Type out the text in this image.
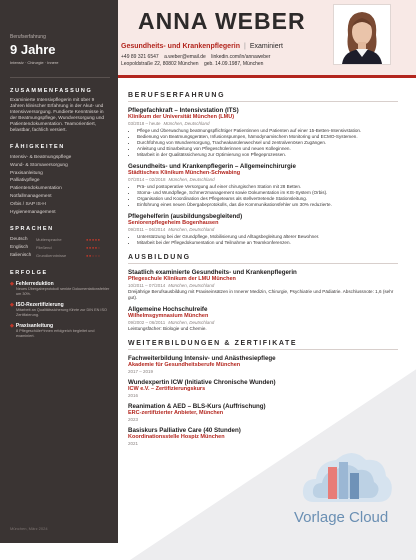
Berufserfahrung
9 Jahre
Intensiv · Chirurgie · Innere
ZUSAMMENFASSUNG
Examinierte Intensivpflegerin mit über 9 Jahren klinischer Erfahrung in der Akut- und Intensivversorgung. Fundierte Kenntnisse in der Beatmungspflege, Wundversorgung und Patientendokumentation. Teamorientiert, belastbar, fachlich versiert.
FÄHIGKEITEN
Intensiv- & Beatmungspflege
Wund- & Stomaversorgung
Praxisanleitung
Palliativpflege
Patientendokumentation
Notfallmanagement
Orbis / SAP IS-H
Hygienemanagement
SPRACHEN
Deutsch	Muttersprache	●●●●●
Englisch	Fließend	●●●●○
Italienisch	Grundkenntnisse	●●○○○
ERFOLGE
◆ Fehlerreduktion
Neues Übergabeprotokoll senkte Dokumentationsfehler um 30%.
◆ ISO-Rezertifizierung
Mitarbeit an Qualitätssicherung führte zur DIN EN ISO Zertifizierung.
◆ Praxisanleitung
8 Pflegeschüler*innen erfolgreich begleitet und examiniert.
München, März 2024
ANNA WEBER
Gesundheits- und Krankenpflegerin | Examiniert
+49 89 321 6547 a.weber@email.de linkedin.com/in/annaweber
Leopoldstraße 22, 80802 München geb. 14.09.1987, München
BERUFSERFAHRUNG
Pflegefachkraft – Intensivstation (ITS)
Klinikum der Universität München (LMU)
03/2018 – heute München, Deutschland
• Pflege und Überwachung beatmungspflichtiger Patientinnen und Patienten auf einer 15-Betten-Intensivstation.
• Bedienung von Beatmungsgeräten, Infusionspumpen, hämodynamischem Monitoring und ECMO-Systemen.
• Durchführung von Wundversorgung, Tracheakanülenwechsel und zentralvenösen Zugängen.
• Anleitung und Einarbeitung von Pflegeschülerinnen und neuen Kolleginnen.
• Mitarbeit in der Qualitätssicherung zur Optimierung von Pflegeprozessen.
Gesundheits- und Krankenpflegerin – Allgemeinchirurgie
Städtisches Klinikum München-Schwabing
07/2014 – 02/2018 München, Deutschland
• Prä- und postoperative Versorgung auf einer chirurgischen Station mit 28 Betten.
• Stoma- und Wundpflege, Schmerzmanagement sowie Dokumentation im KIS-System (Orbis).
• Organisation und Koordination des Pflegeteams als stellvertretende Stationsleitung.
• Einführung eines neuen Übergabeprotokolls, das die Kommunikationsfehler um 30% reduzierte.
Pflegehelferin (ausbildungsbegleitend)
Seniorenpflegeheim Bogenhausen
09/2011 – 06/2014 München, Deutschland
• Unterstützung bei der Grundpflege, Mobilisierung und Alltagsbegleitung älterer Bewohner.
• Mitarbeit bei der Pflegedokumentation und Teilnahme an Teamkonferenzen.
AUSBILDUNG
Staatlich examinierte Gesundheits- und Krankenpflegerin
Pflegeschule Klinikum der LMU München
10/2011 – 07/2014 München, Deutschland
Dreijährige Berufsausbildung mit Praxiseinsätzen in Innerer Medizin, Chirurgie, Psychiatrie und Pädiatrie. Abschlussnote: 1,6 (sehr gut).
Allgemeine Hochschulreife
Wilhelmsgymnasium München
09/2002 – 06/2011 München, Deutschland
Leistungsfächer: Biologie und Chemie.
WEITERBILDUNGEN & ZERTIFIKATE
Fachweiterbildung Intensiv- und Anästhesiepflege
Akademie für Gesundheitsberufe München
2017 – 2019
Wundexpertin ICW (Initiative Chronische Wunden)
ICW e.V. – Zertifizierungskurs
2016
Reanimation & AED – BLS-Kurs (Auffrischung)
ERC-zertifizierter Anbieter, München
2023
Basiskurs Palliative Care (40 Stunden)
Koordinationsstelle Hospiz München
2021
Vorlage Cloud
